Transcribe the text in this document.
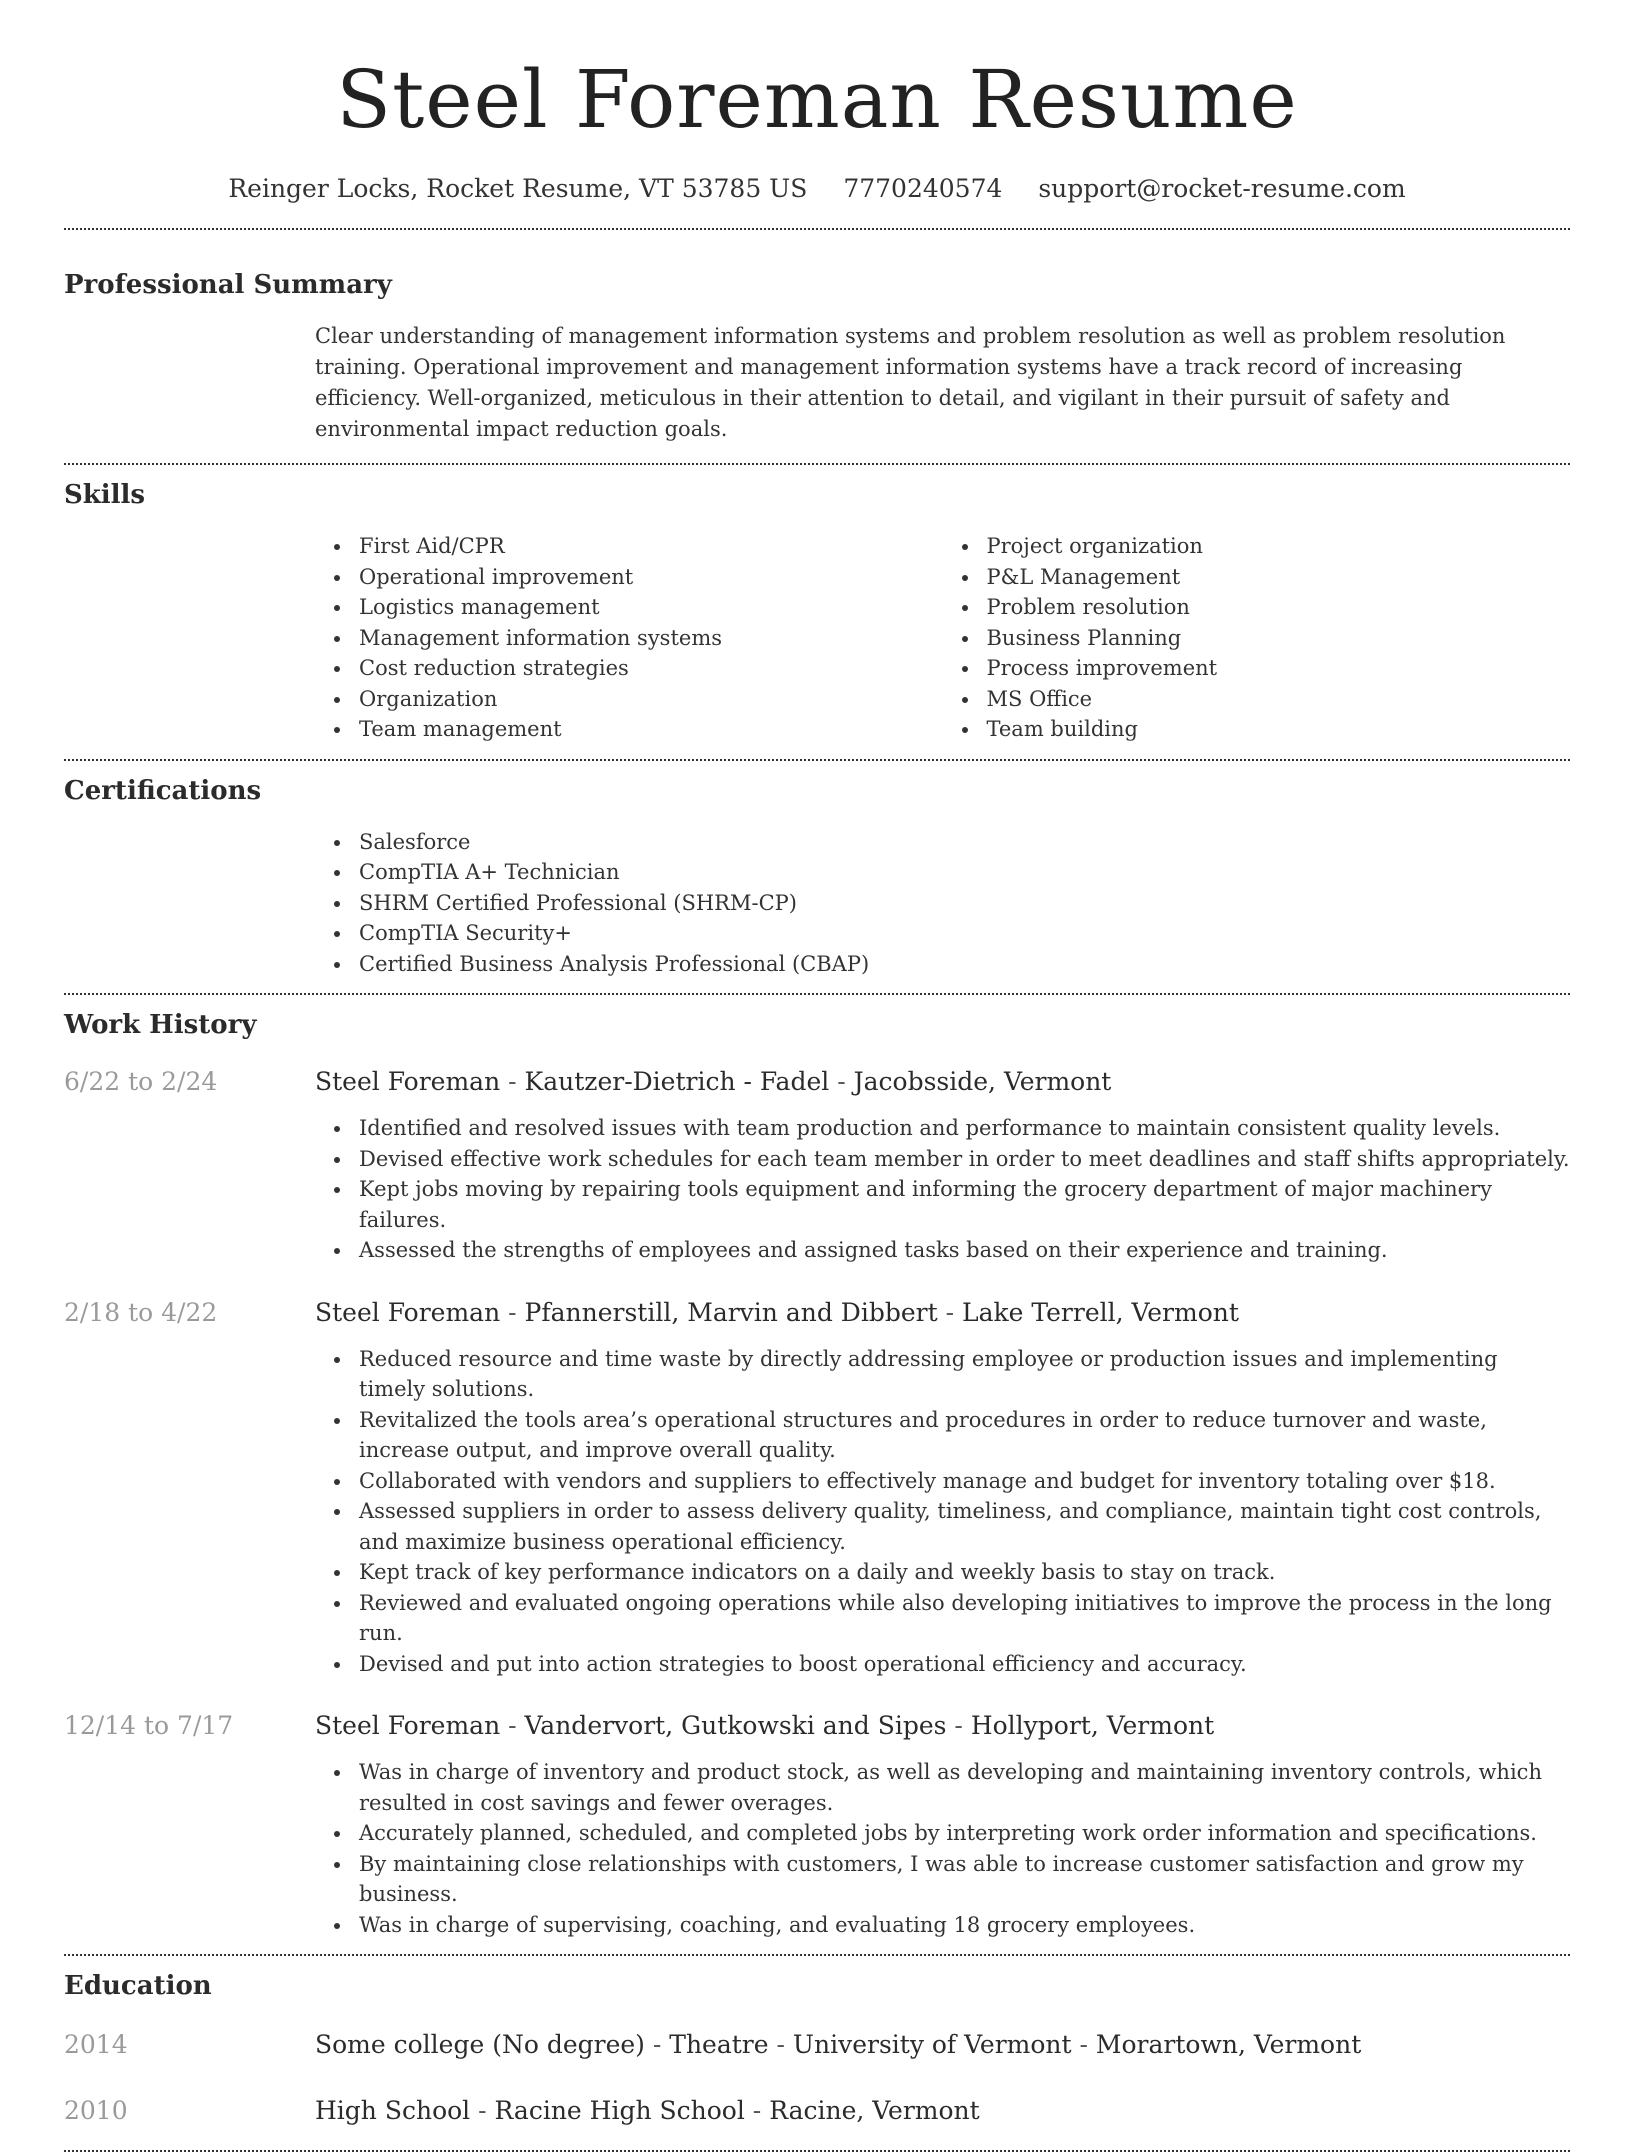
Steel Foreman Resume
Reinger Locks, Rocket Resume, VT 53785 US 7770240574 support@rocket-resume.com
Professional Summary
Clear understanding of management information systems and problem resolution as well as problem resolution training. Operational improvement and management information systems have a track record of increasing efficiency. Well-organized, meticulous in their attention to detail, and vigilant in their pursuit of safety and environmental impact reduction goals.
Skills
First Aid/CPR
Operational improvement
Logistics management
Management information systems
Cost reduction strategies
Organization
Team management
Project organization
P&L Management
Problem resolution
Business Planning
Process improvement
MS Office
Team building
Certifications
Salesforce
CompTIA A+ Technician
SHRM Certified Professional (SHRM-CP)
CompTIA Security+
Certified Business Analysis Professional (CBAP)
Work History
6/22 to 2/24	Steel Foreman - Kautzer-Dietrich - Fadel - Jacobsside, Vermont
Identified and resolved issues with team production and performance to maintain consistent quality levels.
Devised effective work schedules for each team member in order to meet deadlines and staff shifts appropriately.
Kept jobs moving by repairing tools equipment and informing the grocery department of major machinery failures.
Assessed the strengths of employees and assigned tasks based on their experience and training.
2/18 to 4/22	Steel Foreman - Pfannerstill, Marvin and Dibbert - Lake Terrell, Vermont
Reduced resource and time waste by directly addressing employee or production issues and implementing timely solutions.
Revitalized the tools area’s operational structures and procedures in order to reduce turnover and waste, increase output, and improve overall quality.
Collaborated with vendors and suppliers to effectively manage and budget for inventory totaling over $18.
Assessed suppliers in order to assess delivery quality, timeliness, and compliance, maintain tight cost controls, and maximize business operational efficiency.
Kept track of key performance indicators on a daily and weekly basis to stay on track.
Reviewed and evaluated ongoing operations while also developing initiatives to improve the process in the long run.
Devised and put into action strategies to boost operational efficiency and accuracy.
12/14 to 7/17	Steel Foreman - Vandervort, Gutkowski and Sipes - Hollyport, Vermont
Was in charge of inventory and product stock, as well as developing and maintaining inventory controls, which resulted in cost savings and fewer overages.
Accurately planned, scheduled, and completed jobs by interpreting work order information and specifications.
By maintaining close relationships with customers, I was able to increase customer satisfaction and grow my business.
Was in charge of supervising, coaching, and evaluating 18 grocery employees.
Education
2014	Some college (No degree) - Theatre - University of Vermont - Morartown, Vermont
2010	High School - Racine High School - Racine, Vermont
